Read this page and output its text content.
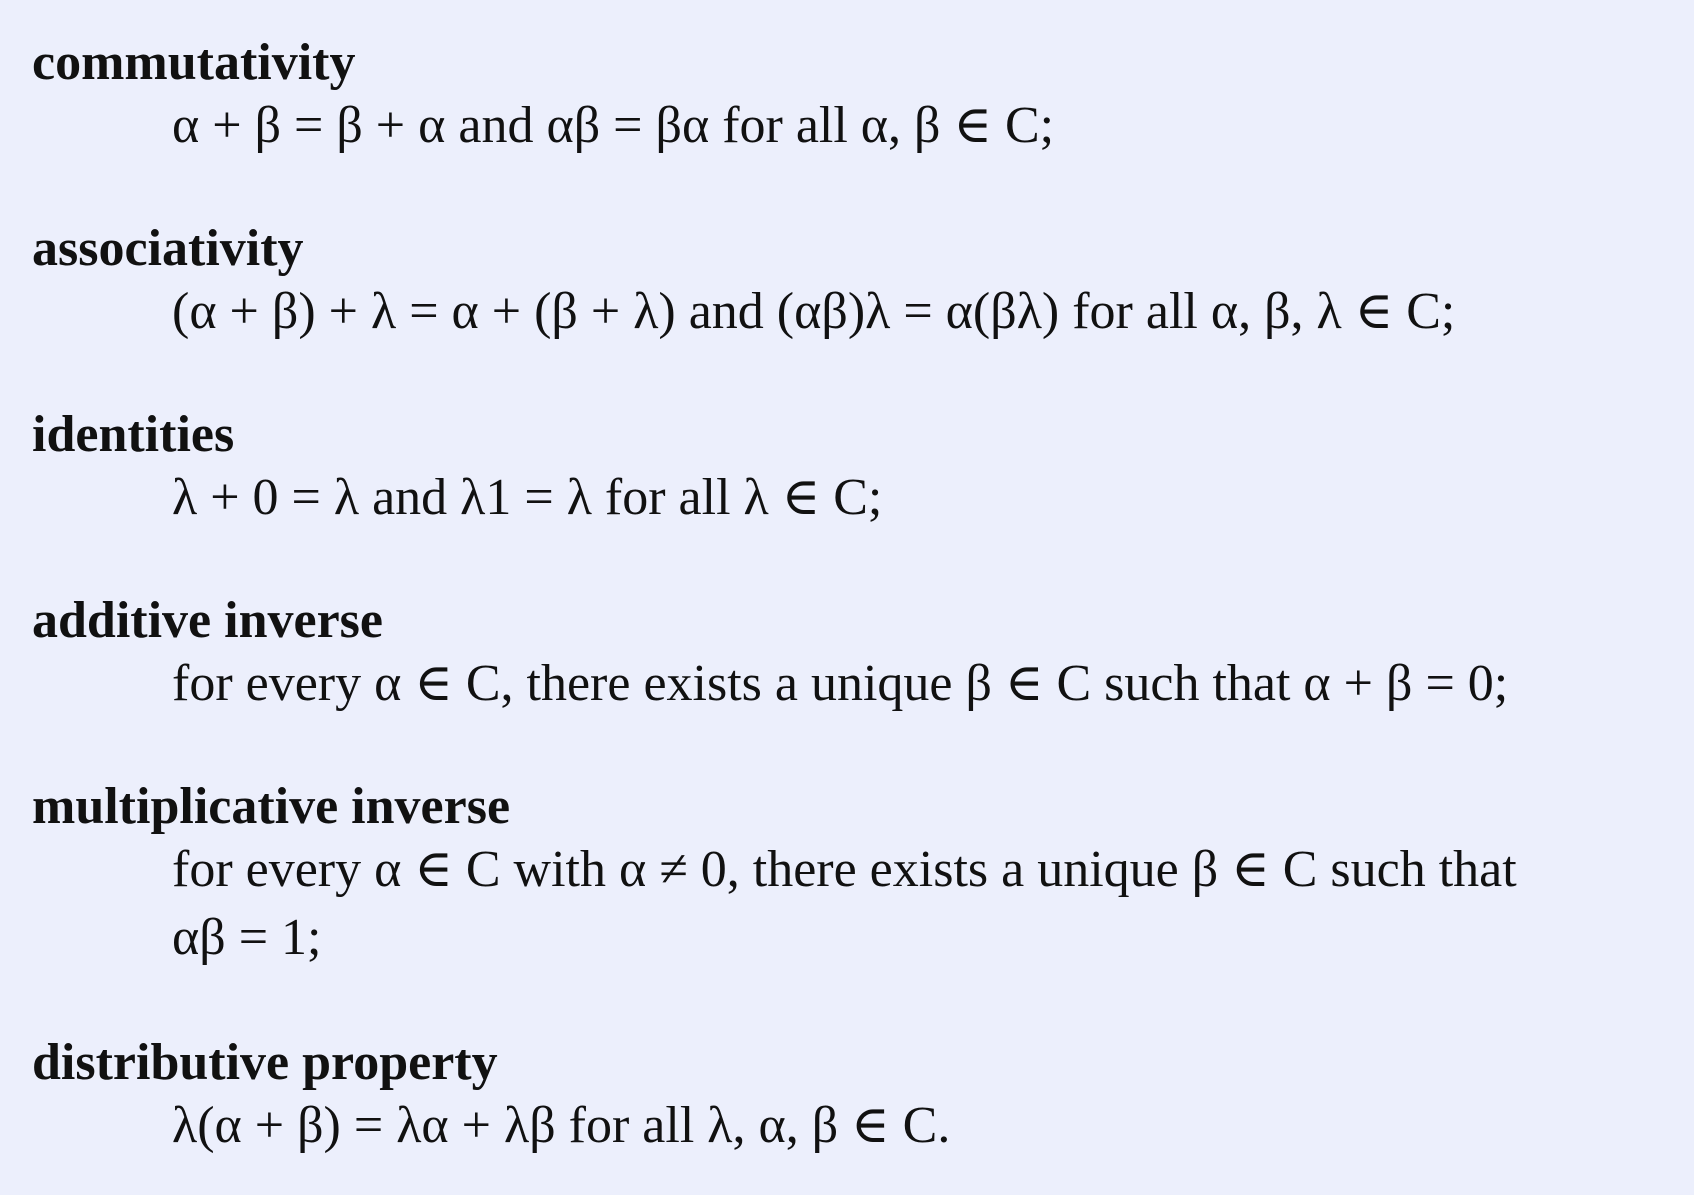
commutativity
α + β = β + α and αβ = βα for all α, β ∈ C;
associativity
(α + β) + λ = α + (β + λ) and (αβ)λ = α(βλ) for all α, β, λ ∈ C;
identities
λ + 0 = λ and λ1 = λ for all λ ∈ C;
additive inverse
for every α ∈ C, there exists a unique β ∈ C such that α + β = 0;
multiplicative inverse
for every α ∈ C with α ≠ 0, there exists a unique β ∈ C such that
αβ = 1;
distributive property
λ(α + β) = λα + λβ for all λ, α, β ∈ C.
